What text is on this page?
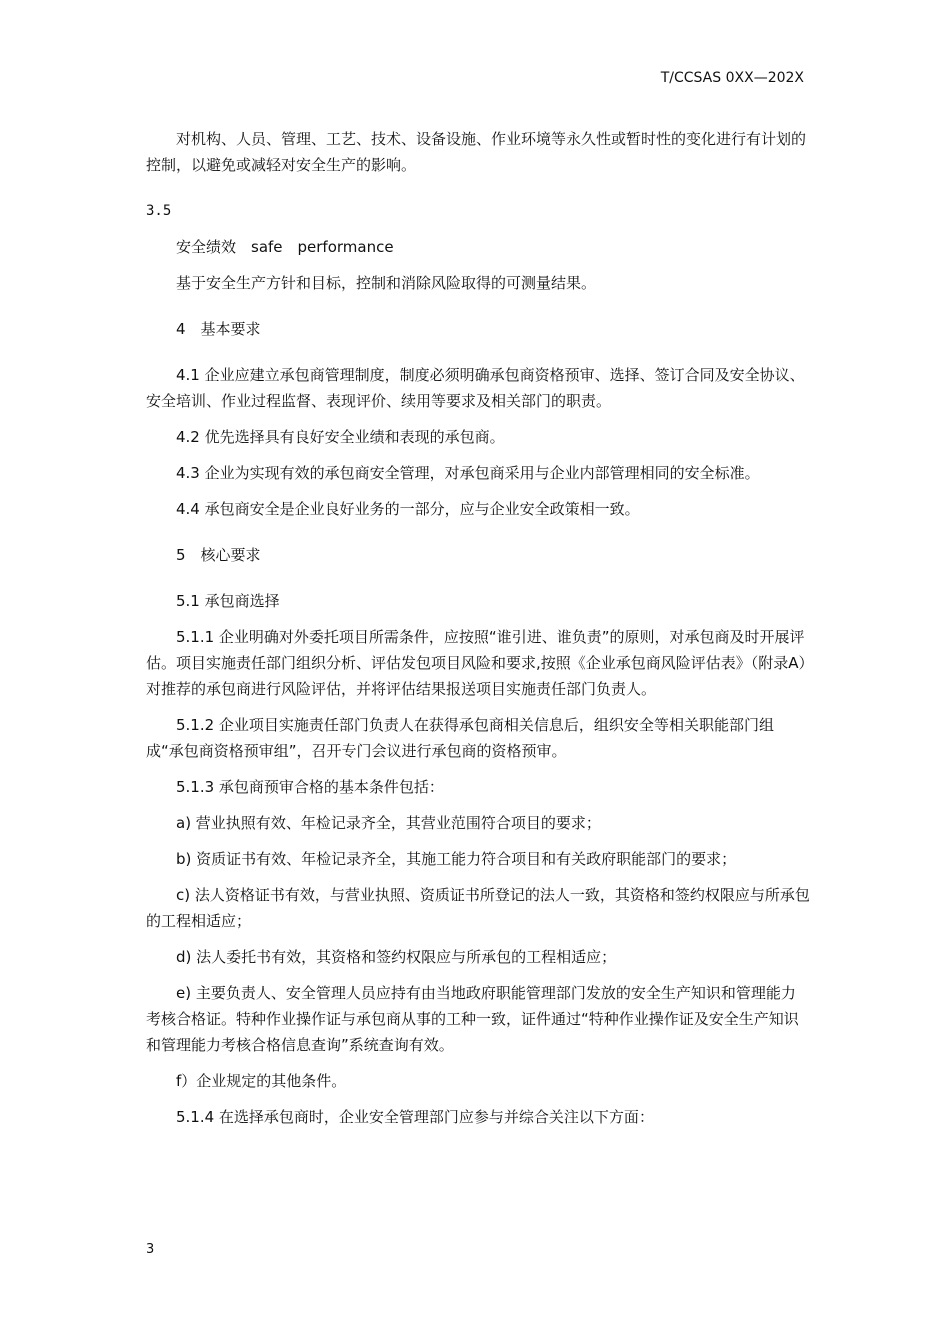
T/CCSAS 0XX—202X

对机构、人员、管理、工艺、技术、设备设施、作业环境等永久性或暂时性的变化进行有计划的控制，以避免或减轻对安全生产的影响。

3.5

安全绩效　safe　performance

基于安全生产方针和目标，控制和消除风险取得的可测量结果。

4　基本要求

4.1 企业应建立承包商管理制度，制度必须明确承包商资格预审、选择、签订合同及安全协议、安全培训、作业过程监督、表现评价、续用等要求及相关部门的职责。

4.2 优先选择具有良好安全业绩和表现的承包商。

4.3 企业为实现有效的承包商安全管理，对承包商采用与企业内部管理相同的安全标准。

4.4 承包商安全是企业良好业务的一部分，应与企业安全政策相一致。

5　核心要求

5.1 承包商选择

5.1.1 企业明确对外委托项目所需条件，应按照“谁引进、谁负责”的原则，对承包商及时开展评估。项目实施责任部门组织分析、评估发包项目风险和要求,按照《企业承包商风险评估表》（附录A）对推荐的承包商进行风险评估，并将评估结果报送项目实施责任部门负责人。

5.1.2 企业项目实施责任部门负责人在获得承包商相关信息后，组织安全等相关职能部门组成“承包商资格预审组”，召开专门会议进行承包商的资格预审。

5.1.3 承包商预审合格的基本条件包括：

a) 营业执照有效、年检记录齐全，其营业范围符合项目的要求；

b) 资质证书有效、年检记录齐全，其施工能力符合项目和有关政府职能部门的要求；

c) 法人资格证书有效，与营业执照、资质证书所登记的法人一致，其资格和签约权限应与所承包的工程相适应；

d) 法人委托书有效，其资格和签约权限应与所承包的工程相适应；

e) 主要负责人、安全管理人员应持有由当地政府职能管理部门发放的安全生产知识和管理能力考核合格证。特种作业操作证与承包商从事的工种一致，证件通过“特种作业操作证及安全生产知识和管理能力考核合格信息查询”系统查询有效。

f）企业规定的其他条件。

5.1.4 在选择承包商时，企业安全管理部门应参与并综合关注以下方面：

3
